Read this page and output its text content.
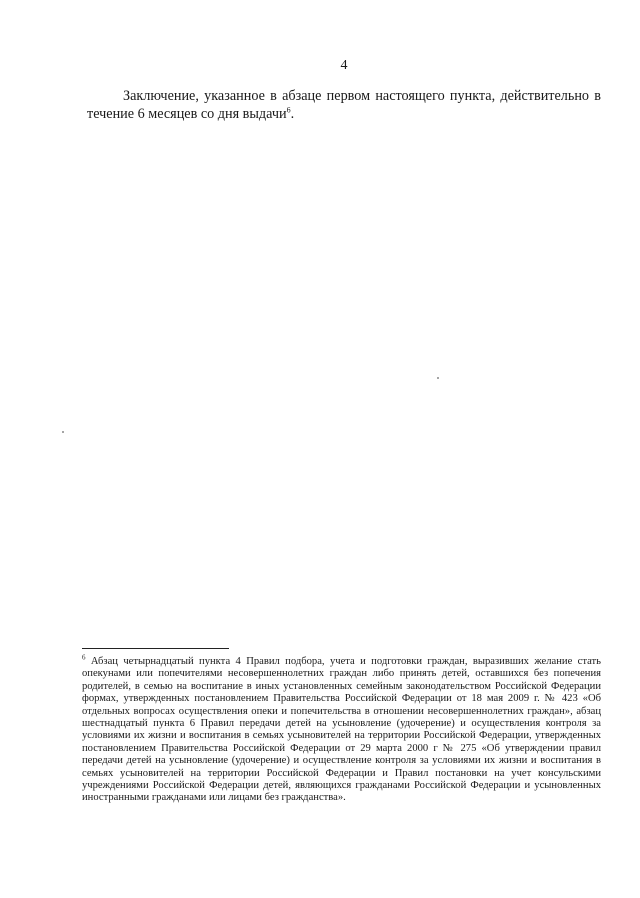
4

Заключение, указанное в абзаце первом настоящего пункта, действительно в течение 6 месяцев со дня выдачи$^6$.

$^6$ Абзац четырнадцатый пункта 4 Правил подбора, учета и подготовки граждан, выразивших желание стать опекунами или попечителями несовершеннолетних граждан либо принять детей, оставшихся без попечения родителей, в семью на воспитание в иных установленных семейным законодательством Российской Федерации формах, утвержденных постановлением Правительства Российской Федерации от 18 мая 2009 г. № 423 «Об отдельных вопросах осуществления опеки и попечительства в отношении несовершеннолетних граждан», абзац шестнадцатый пункта 6 Правил передачи детей на усыновление (удочерение) и осуществления контроля за условиями их жизни и воспитания в семьях усыновителей на территории Российской Федерации, утвержденных постановлением Правительства Российской Федерации от 29 марта 2000 г № 275 «Об утверждении правил передачи детей на усыновление (удочерение) и осуществление контроля за условиями их жизни и воспитания в семьях усыновителей на территории Российской Федерации и Правил постановки на учет консульскими учреждениями Российской Федерации детей, являющихся гражданами Российской Федерации и усыновленных иностранными гражданами или лицами без гражданства».
